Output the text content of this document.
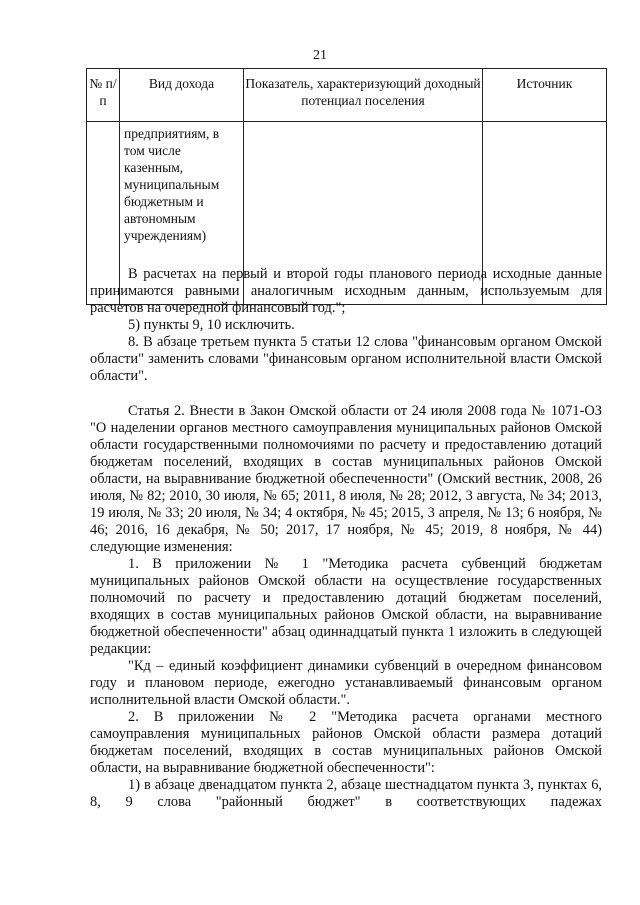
21
№ п/п	Вид дохода	Показатель, характеризующий доходный потенциал поселения	Источник

	предприятиям, в том числе казенным, муниципальным бюджетным и автономным учреждениям)		

В расчетах на первый и второй годы планового периода исходные данные принимаются равными аналогичным исходным данным, используемым для расчетов на очередной финансовый год.";

5) пункты 9, 10 исключить.

8. В абзаце третьем пункта 5 статьи 12 слова "финансовым органом Омской области" заменить словами "финансовым органом исполнительной власти Омской области".

Статья 2. Внести в Закон Омской области от 24 июля 2008 года № 1071-ОЗ "О наделении органов местного самоуправления муниципальных районов Омской области государственными полномочиями по расчету и предоставлению дотаций бюджетам поселений, входящих в состав муниципальных районов Омской области, на выравнивание бюджетной обеспеченности" (Омский вестник, 2008, 26 июля, № 82; 2010, 30 июля, № 65; 2011, 8 июля, № 28; 2012, 3 августа, № 34; 2013, 19 июля, № 33; 20 июля, № 34; 4 октября, № 45; 2015, 3 апреля, № 13; 6 ноября, № 46; 2016, 16 декабря, № 50; 2017, 17 ноября, № 45; 2019, 8 ноября, № 44) следующие изменения:

1. В приложении № 1 "Методика расчета субвенций бюджетам муниципальных районов Омской области на осуществление государственных полномочий по расчету и предоставлению дотаций бюджетам поселений, входящих в состав муниципальных районов Омской области, на выравнивание бюджетной обеспеченности" абзац одиннадцатый пункта 1 изложить в следующей редакции:

"Кд – единый коэффициент динамики субвенций в очередном финансовом году и плановом периоде, ежегодно устанавливаемый финансовым органом исполнительной власти Омской области.".

2. В приложении № 2 "Методика расчета органами местного самоуправления муниципальных районов Омской области размера дотаций бюджетам поселений, входящих в состав муниципальных районов Омской области, на выравнивание бюджетной обеспеченности":

1) в абзаце двенадцатом пункта 2, абзаце шестнадцатом пункта 3, пунктах 6, 8, 9 слова "районный бюджет" в соответствующих падежах
